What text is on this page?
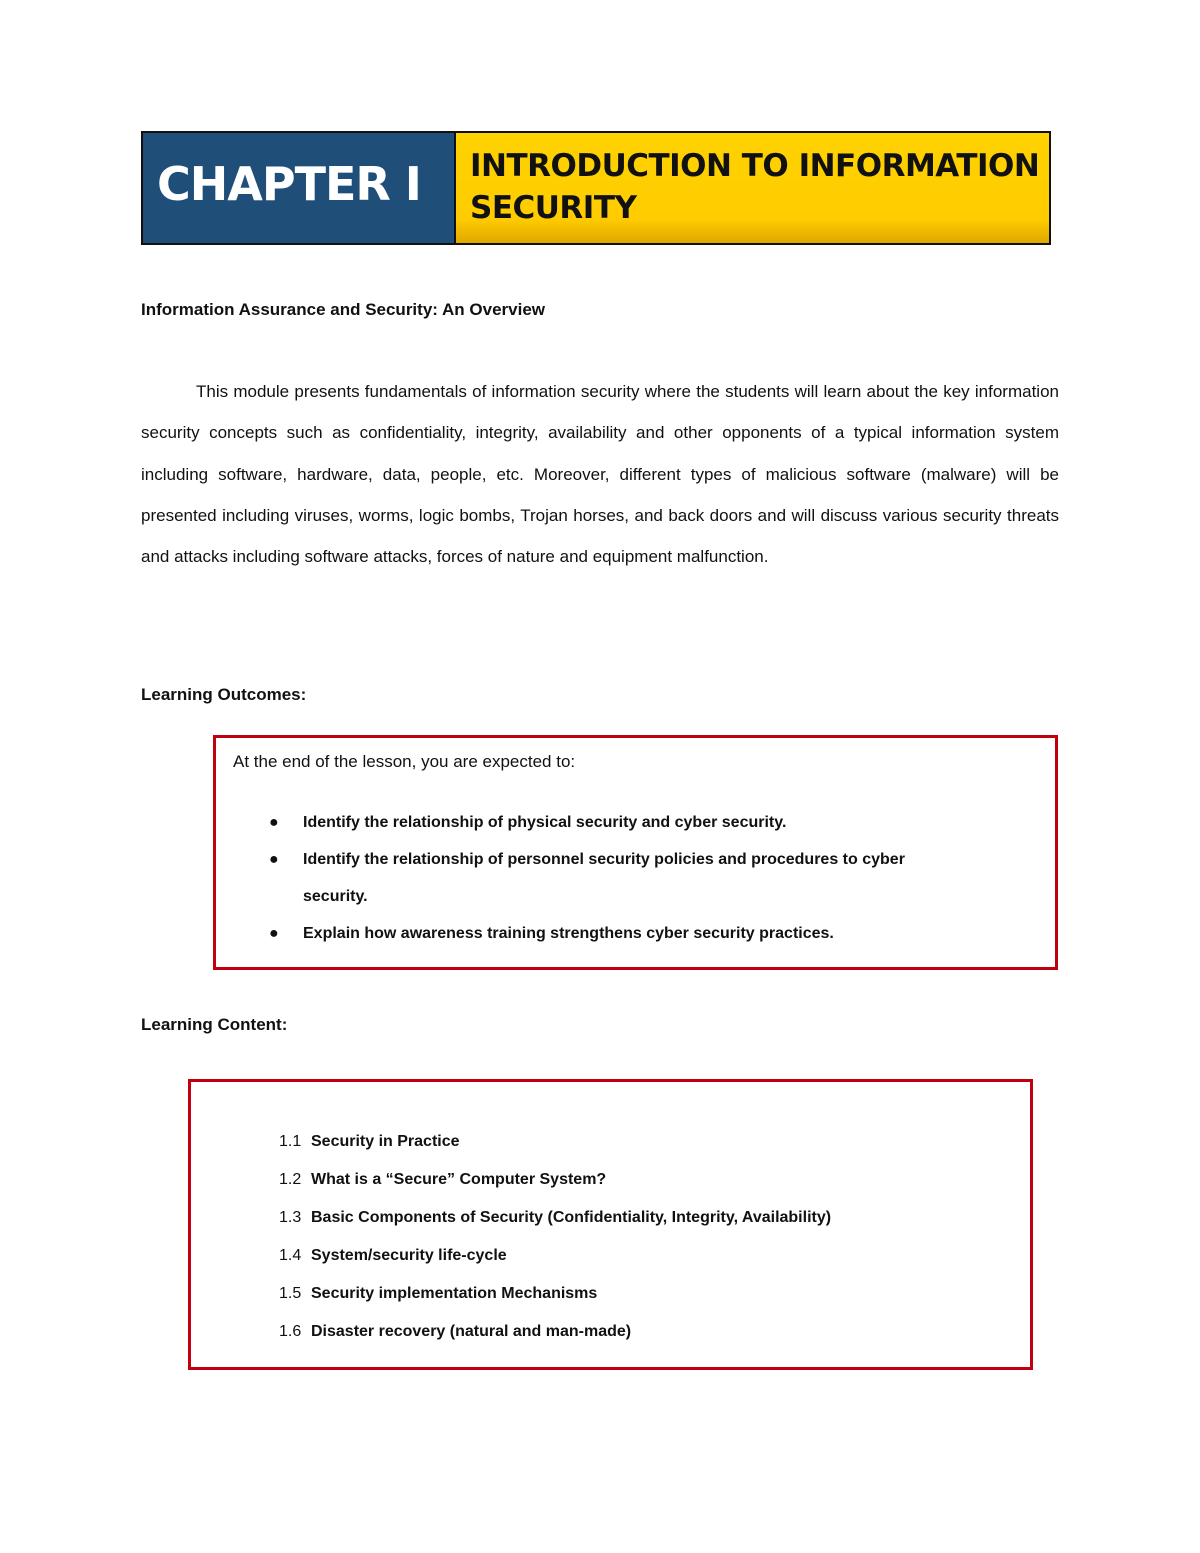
CHAPTER I INTRODUCTION TO INFORMATION
SECURITY
Information Assurance and Security: An Overview

This module presents fundamentals of information security where the students will learn about the key information security concepts such as confidentiality, integrity, availability and other opponents of a typical information system including software, hardware, data, people, etc. Moreover, different types of malicious software (malware) will be presented including viruses, worms, logic bombs, Trojan horses, and back doors and will discuss various security threats and attacks including software attacks, forces of nature and equipment malfunction.

Learning Outcomes:

At the end of the lesson, you are expected to:

● Identify the relationship of physical security and cyber security.
● Identify the relationship of personnel security policies and procedures to cyber security.
● Explain how awareness training strengthens cyber security practices.
Learning Content:
1.1 Security in Practice
1.2 What is a “Secure” Computer System?
1.3 Basic Components of Security (Confidentiality, Integrity, Availability)
1.4 System/security life-cycle
1.5 Security implementation Mechanisms
1.6 Disaster recovery (natural and man-made)
